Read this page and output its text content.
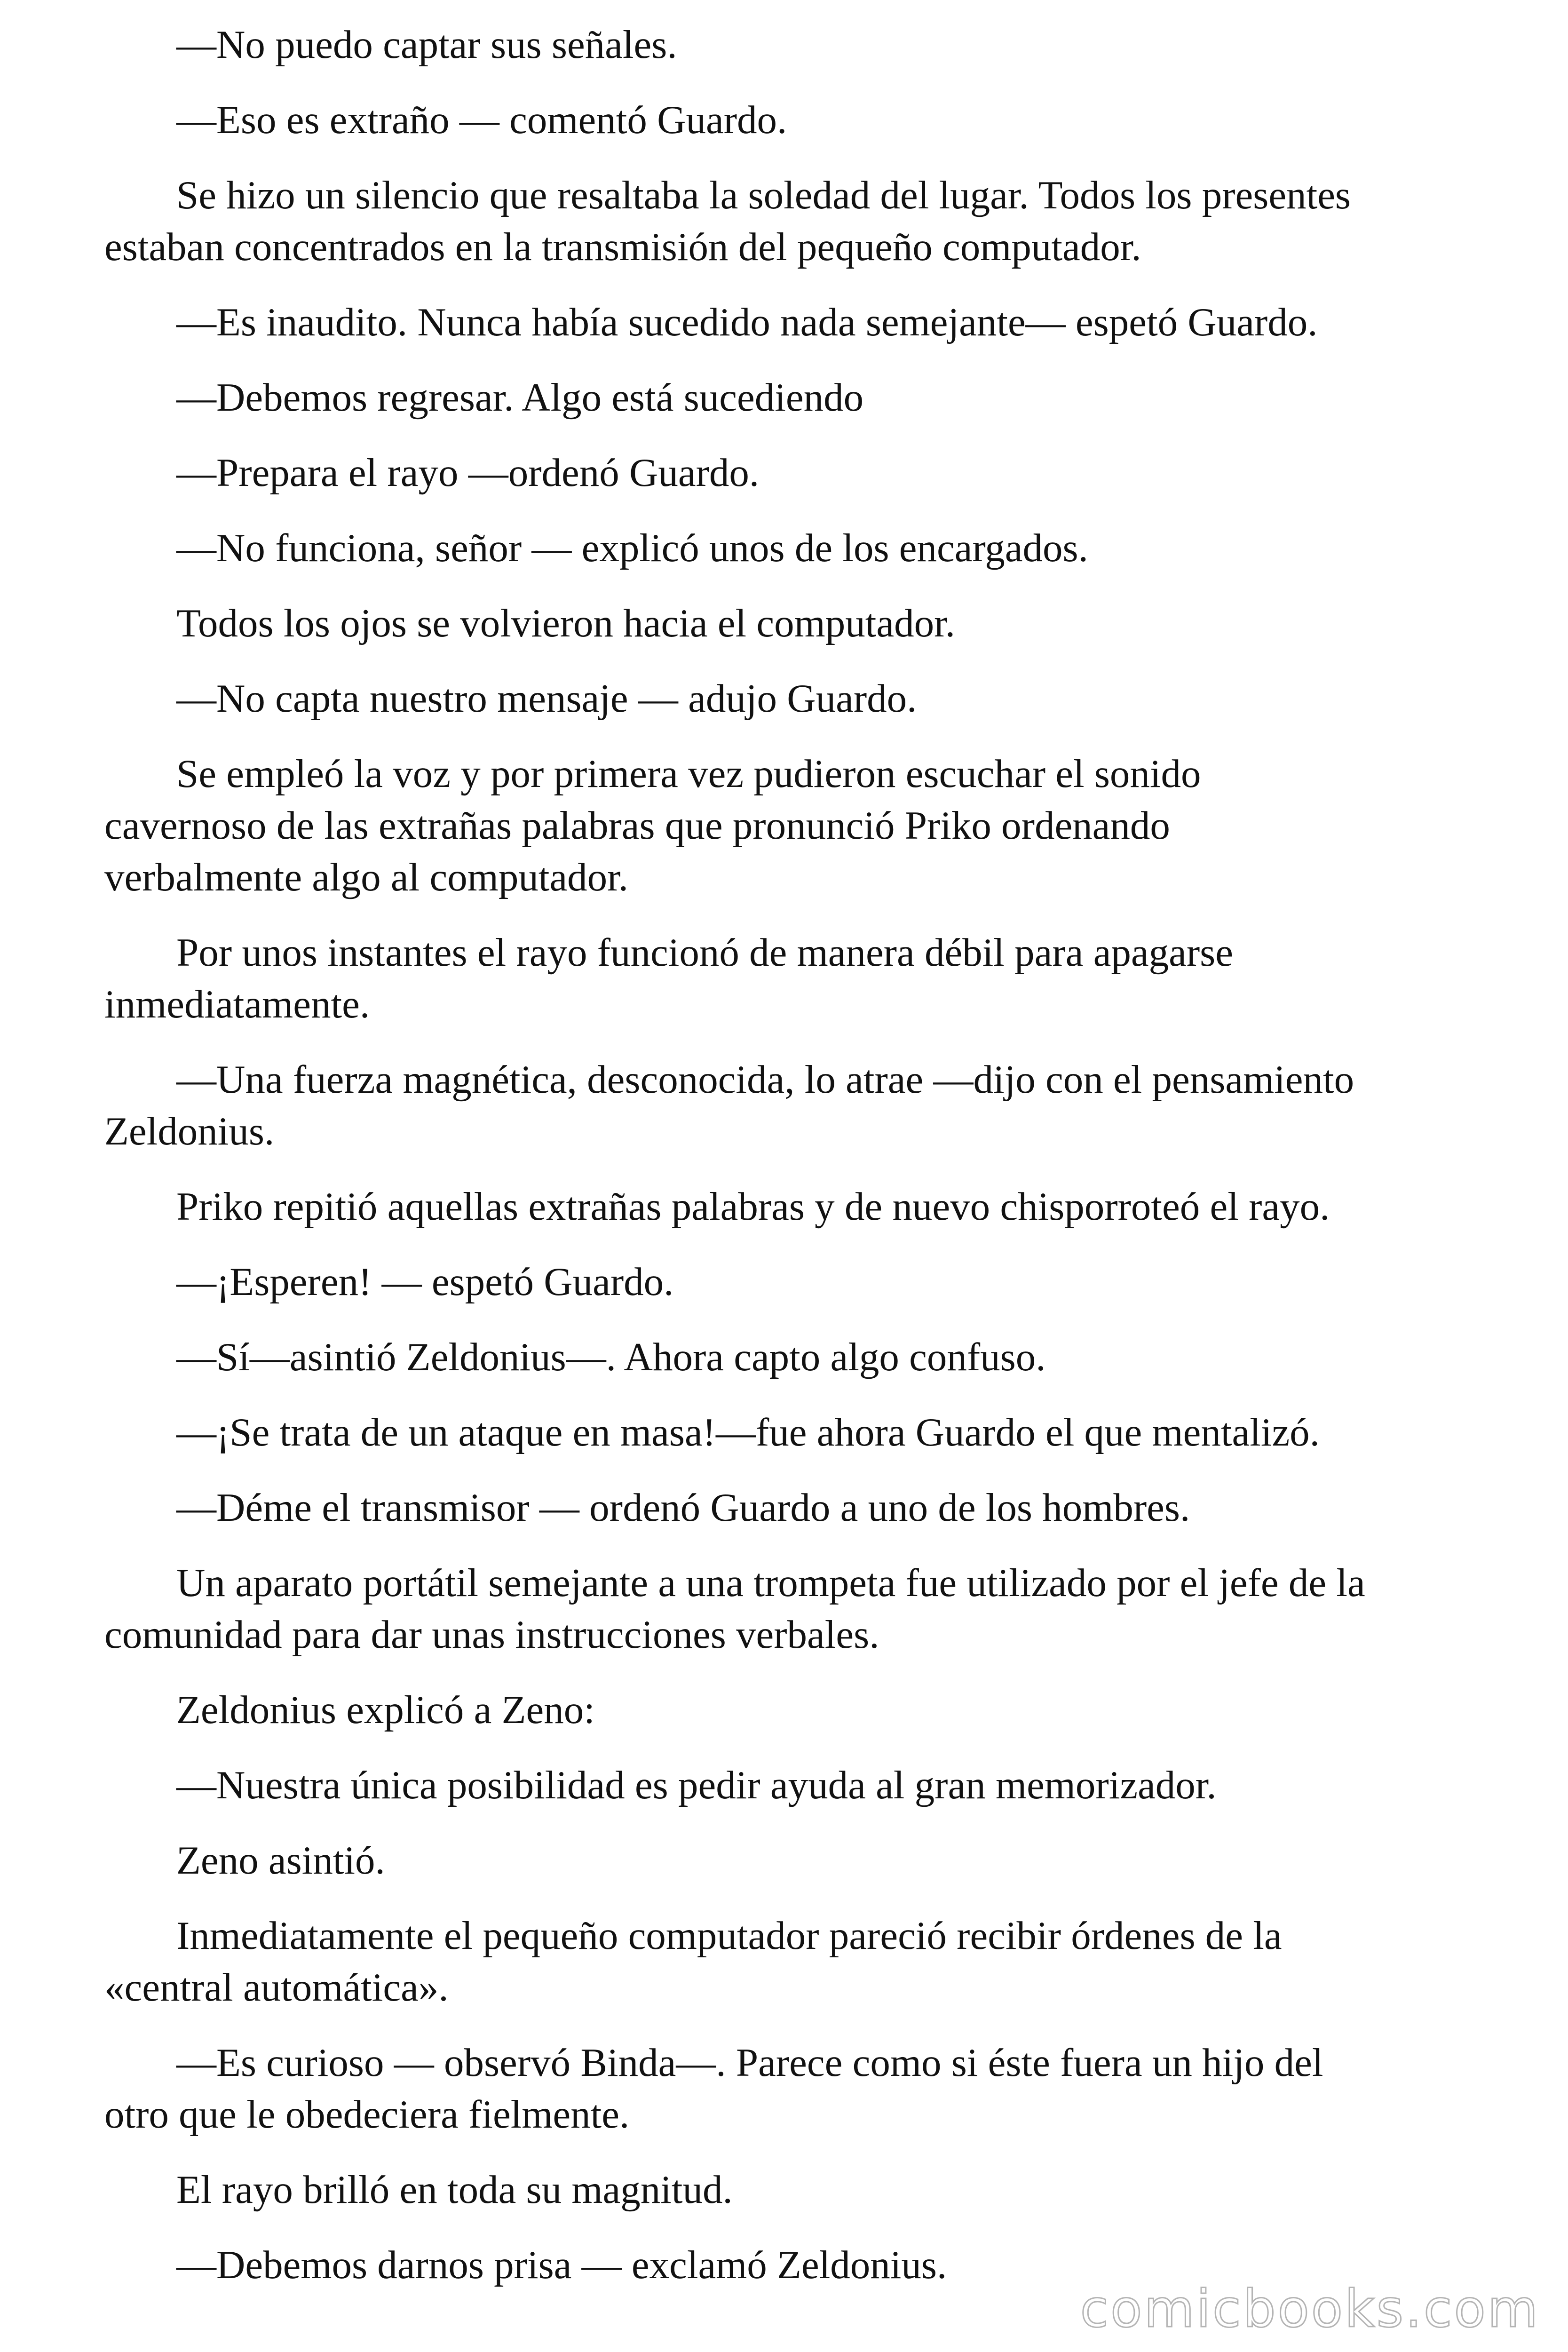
—No puedo captar sus señales.

—Eso es extraño — comentó Guardo.

Se hizo un silencio que resaltaba la soledad del lugar. Todos los presentes
estaban concentrados en la transmisión del pequeño computador.

—Es inaudito. Nunca había sucedido nada semejante— espetó Guardo.

—Debemos regresar. Algo está sucediendo

—Prepara el rayo —ordenó Guardo.

—No funciona, señor — explicó unos de los encargados.

Todos los ojos se volvieron hacia el computador.

—No capta nuestro mensaje — adujo Guardo.

Se empleó la voz y por primera vez pudieron escuchar el sonido
cavernoso de las extrañas palabras que pronunció Priko ordenando
verbalmente algo al computador.

Por unos instantes el rayo funcionó de manera débil para apagarse
inmediatamente.

—Una fuerza magnética, desconocida, lo atrae —dijo con el pensamiento
Zeldonius.

Priko repitió aquellas extrañas palabras y de nuevo chisporroteó el rayo.

—¡Esperen! — espetó Guardo.

—Sí—asintió Zeldonius—. Ahora capto algo confuso.

—¡Se trata de un ataque en masa!—fue ahora Guardo el que mentalizó.

—Déme el transmisor — ordenó Guardo a uno de los hombres.

Un aparato portátil semejante a una trompeta fue utilizado por el jefe de la
comunidad para dar unas instrucciones verbales.

Zeldonius explicó a Zeno:

—Nuestra única posibilidad es pedir ayuda al gran memorizador.

Zeno asintió.

Inmediatamente el pequeño computador pareció recibir órdenes de la
«central automática».

—Es curioso — observó Binda—. Parece como si éste fuera un hijo del
otro que le obedeciera fielmente.

El rayo brilló en toda su magnitud.

—Debemos darnos prisa — exclamó Zeldonius.

comicbooks.com
